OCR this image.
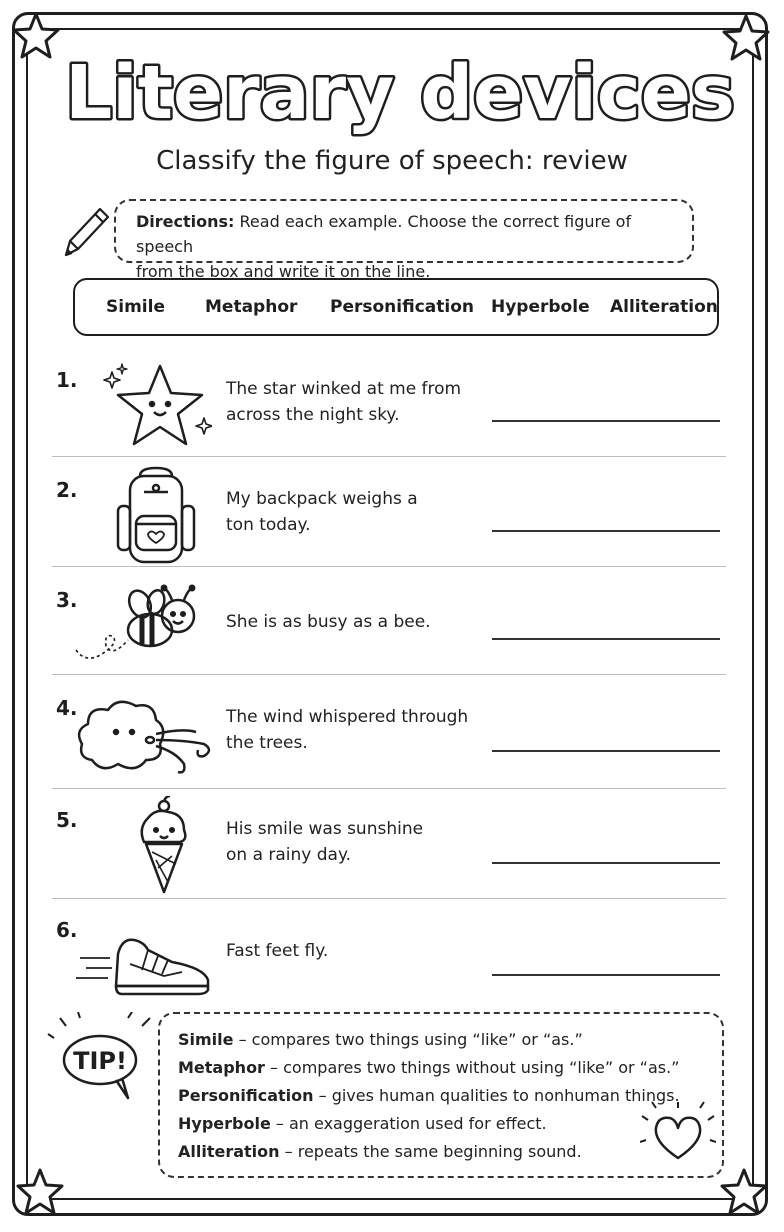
Literary devices
Classify the figure of speech: review
Directions: Read each example. Choose the correct figure of speech
from the box and write it on the line.
Simile Metaphor Personification Hyperbole Alliteration
1.	The star winked at me from
across the night sky.
2.	My backpack weighs a
ton today.
3.
She is as busy as a bee.
4.	The wind whispered through
the trees.
5.	His smile was sunshine
on a rainy day.
6.
Fast feet fly.
TIP!
Simile – compares two things using “like” or “as.”
Metaphor – compares two things without using “like” or “as.”
Personification – gives human qualities to nonhuman things.
Hyperbole – an exaggeration used for effect.
Alliteration – repeats the same beginning sound.
